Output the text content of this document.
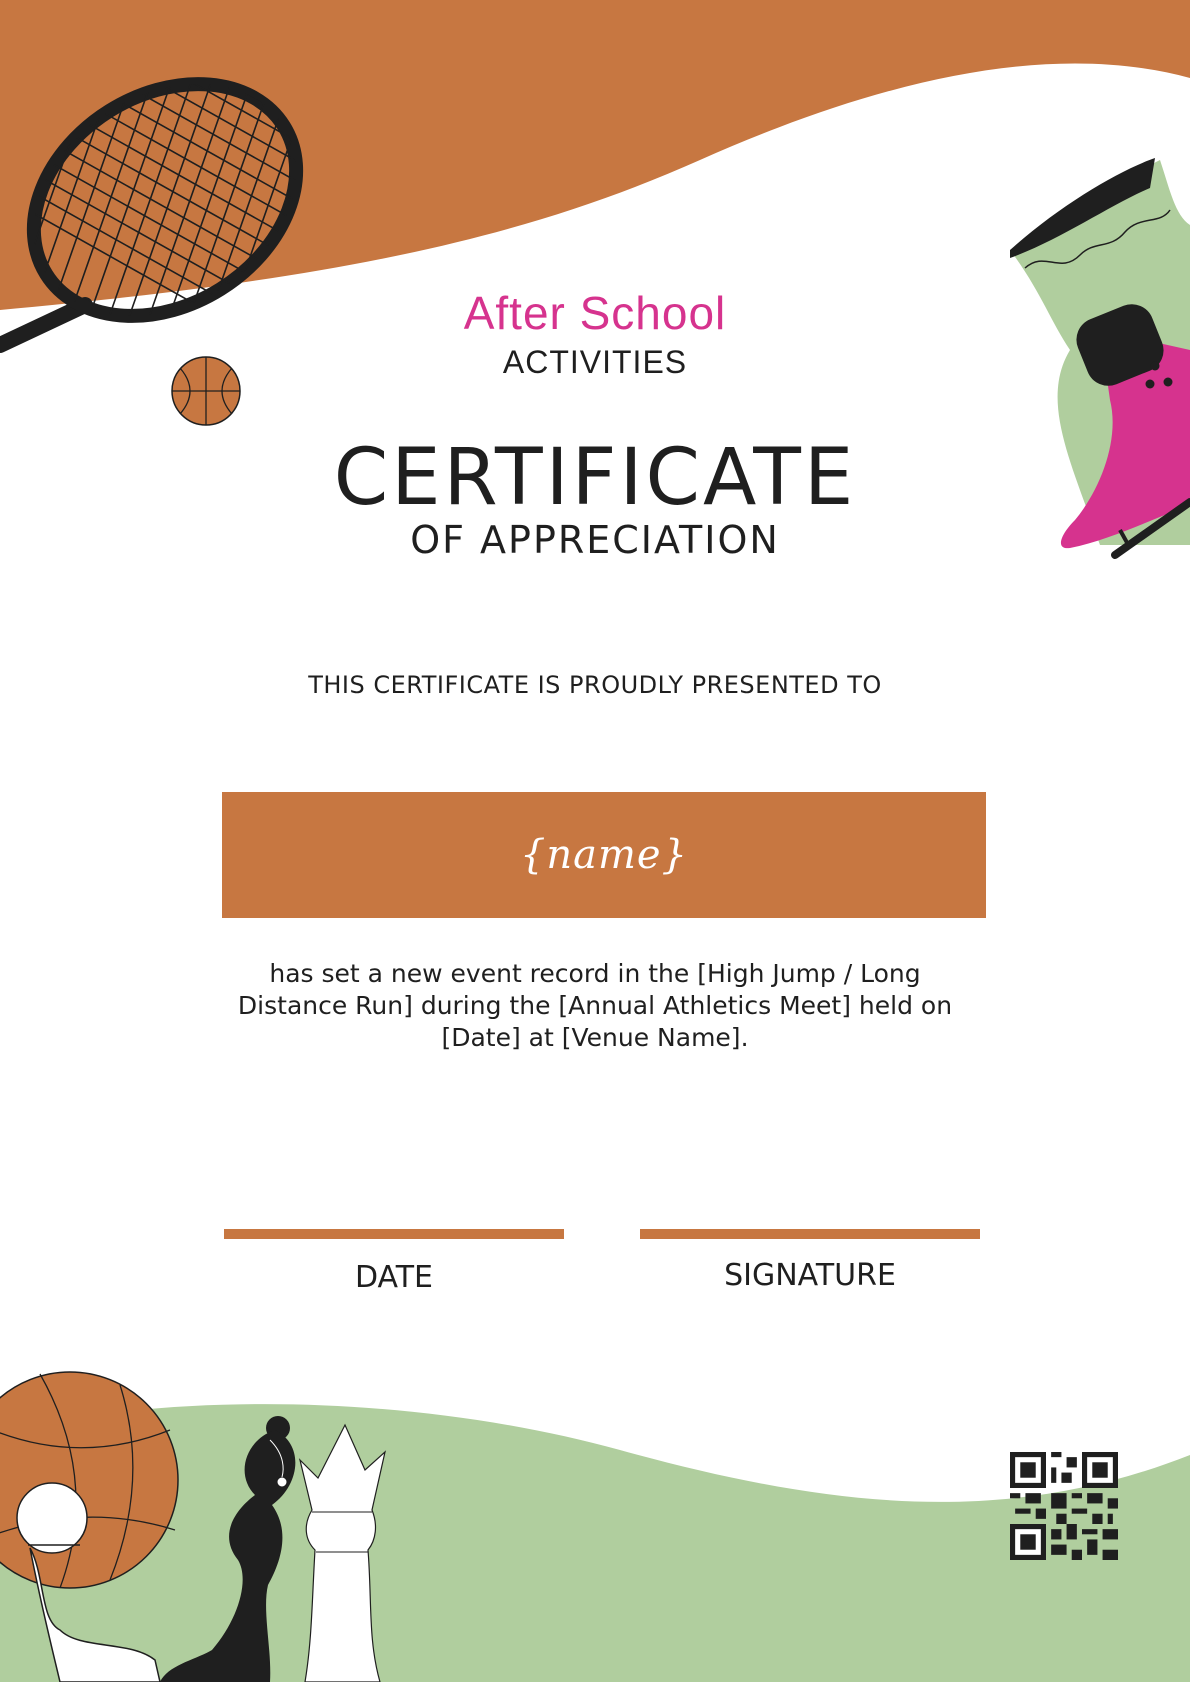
After School
ACTIVITIES
CERTIFICATE
OF APPRECIATION
THIS CERTIFICATE IS PROUDLY PRESENTED TO
{name}
has set a new event record in the [High Jump / Long Distance Run] during the [Annual Athletics Meet] held on [Date] at [Venue Name].
DATE	SIGNATURE
